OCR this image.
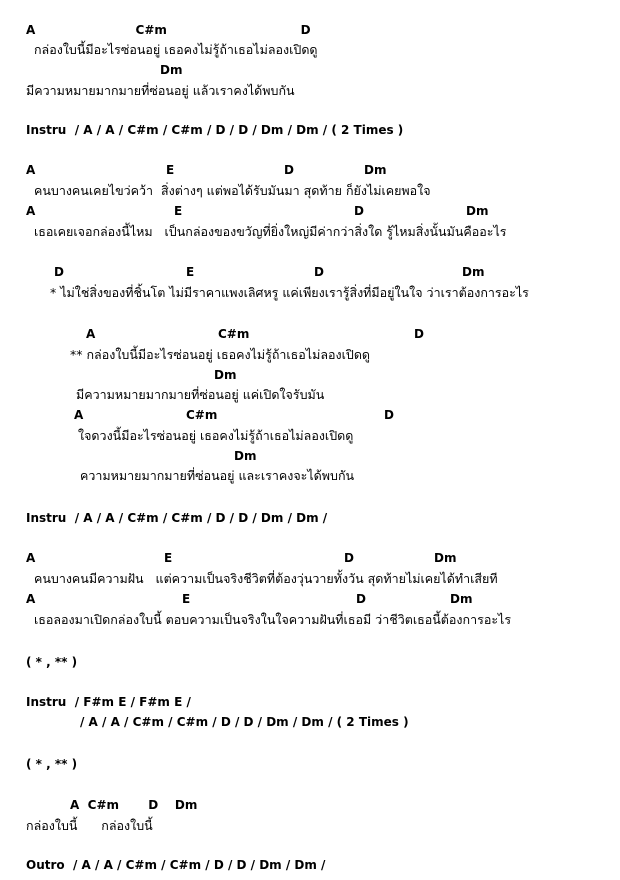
A                        C#m                                D
กล่องใบนี้มีอะไรซ่อนอยู่ เธอคงไม่รู้ถ้าเธอไม่ลองเปิดดู
Dm
มีความหมายมากมายที่ซ่อนอยู่ แล้วเราคงได้พบกัน
Instru  / A / A / C#m / C#m / D / D / Dm / Dm / ( 2 Times )
A	E	D	Dm
คนบางคนเคยไขว่คว้า  สิ่งต่างๆ แต่พอได้รับมันมา สุดท้าย ก็ยังไม่เคยพอใจ
A	E	D	Dm
เธอเคยเจอกล่องนี้ไหม   เป็นกล่องของขวัญที่ยิ่งใหญ่มีค่ากว่าสิ่งใด รู้ไหมสิ่งนั้นมันคืออะไร
D	E	D	Dm
* ไม่ใช่สิ่งของที่ชิ้นโต ไม่มีราคาแพงเลิศหรู แค่เพียงเรารู้สิ่งที่มีอยู่ในใจ ว่าเราต้องการอะไร
A	C#m	D
** กล่องใบนี้มีอะไรซ่อนอยู่ เธอคงไม่รู้ถ้าเธอไม่ลองเปิดดู
Dm
มีความหมายมากมายที่ซ่อนอยู่ แค่เปิดใจรับมัน
A	C#m	D
ใจดวงนี้มีอะไรซ่อนอยู่ เธอคงไม่รู้ถ้าเธอไม่ลองเปิดดู
Dm
ความหมายมากมายที่ซ่อนอยู่ และเราคงจะได้พบกัน
Instru  / A / A / C#m / C#m / D / D / Dm / Dm /
A	E	D	Dm
คนบางคนมีความฝัน   แต่ความเป็นจริงชีวิตที่ต้องวุ่นวายทั้งวัน สุดท้ายไม่เคยได้ทำเสียที
A	E	D	Dm
เธอลองมาเปิดกล่องใบนี้ ตอบความเป็นจริงในใจความฝันที่เธอมี ว่าชีวิตเธอนี้ต้องการอะไร
( * , ** )
Instru  / F#m E / F#m E /
/ A / A / C#m / C#m / D / D / Dm / Dm / ( 2 Times )
( * , ** )
A  C#m       D    Dm
กล่องใบนี้      กล่องใบนี้
Outro  / A / A / C#m / C#m / D / D / Dm / Dm /
